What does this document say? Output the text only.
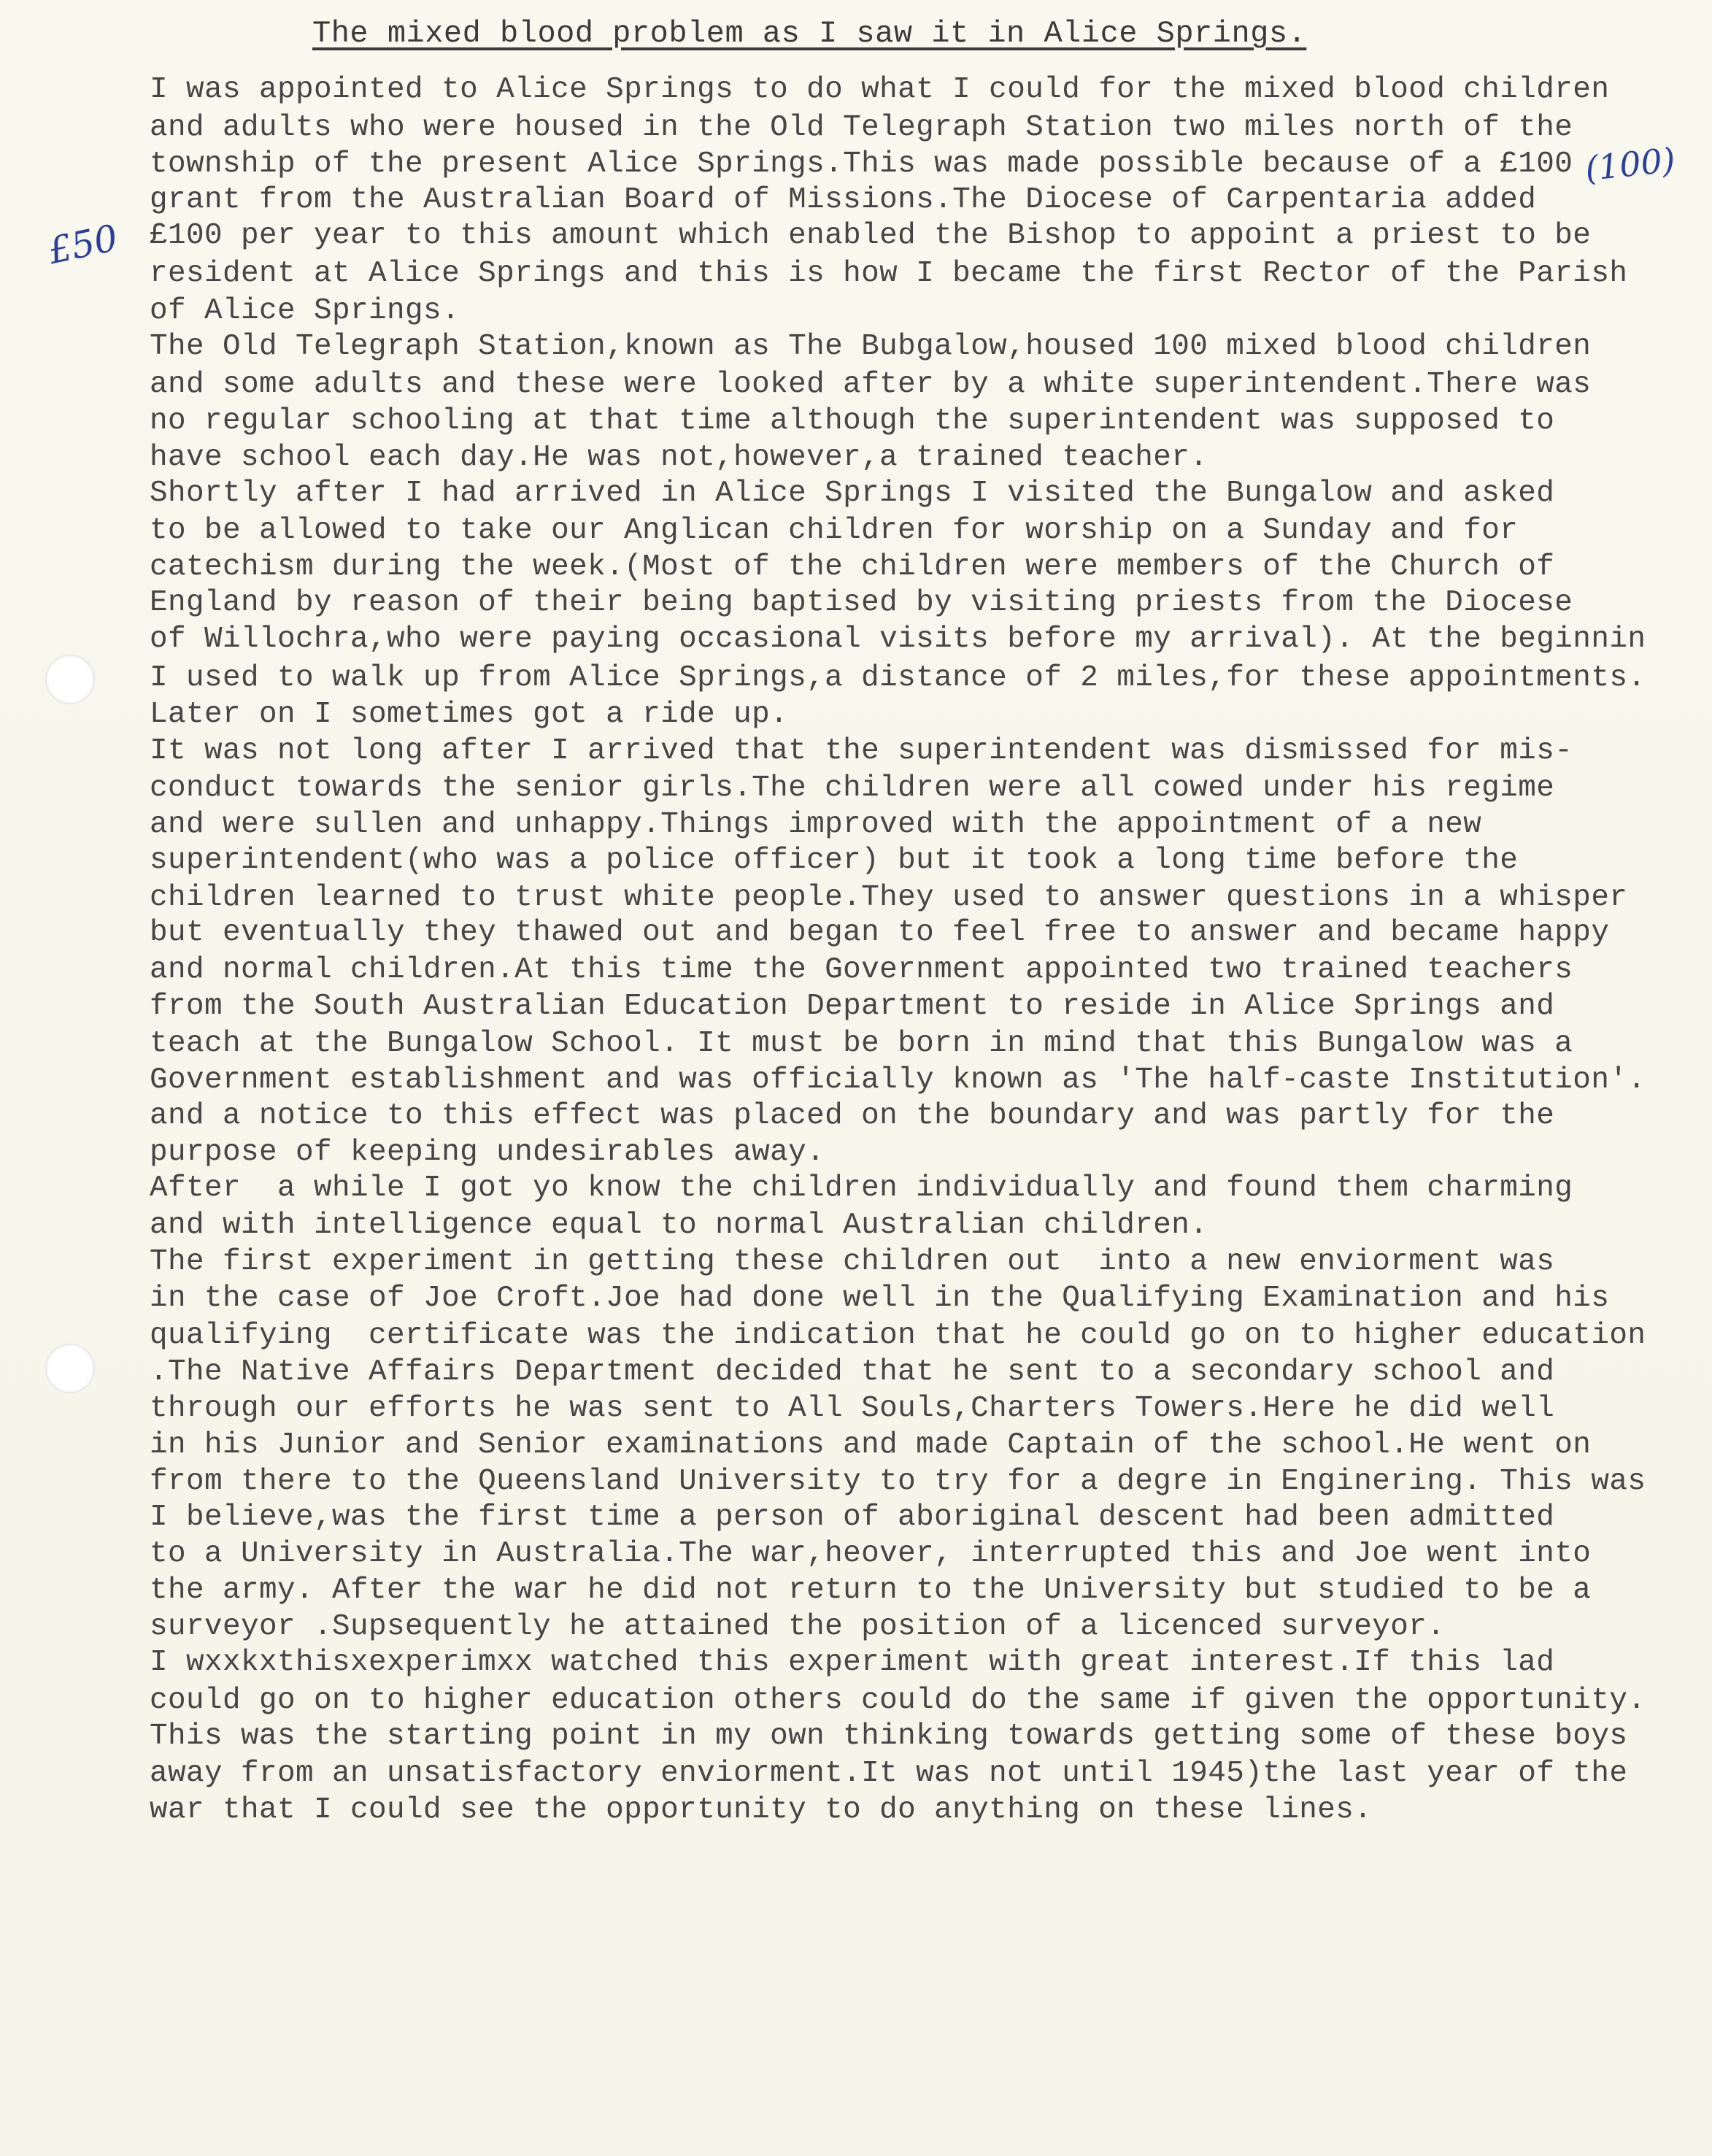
The mixed blood problem as I saw it in Alice Springs.
(100)
£50
I was appointed to Alice Springs to do what I could for the mixed blood children
and adults who were housed in the Old Telegraph Station two miles north of the
township of the present Alice Springs.This was made possible because of a £100
grant from the Australian Board of Missions.The Diocese of Carpentaria added
£100 per year to this amount which enabled the Bishop to appoint a priest to be
resident at Alice Springs and this is how I became the first Rector of the Parish
of Alice Springs.
The Old Telegraph Station,known as The Bubgalow,housed 100 mixed blood children
and some adults and these were looked after by a white superintendent.There was
no regular schooling at that time although the superintendent was supposed to
have school each day.He was not,however,a trained teacher.
Shortly after I had arrived in Alice Springs I visited the Bungalow and asked
to be allowed to take our Anglican children for worship on a Sunday and for
catechism during the week.(Most of the children were members of the Church of
England by reason of their being baptised by visiting priests from the Diocese
of Willochra,who were paying occasional visits before my arrival). At the beginnin
I used to walk up from Alice Springs,a distance of 2 miles,for these appointments.
Later on I sometimes got a ride up.
It was not long after I arrived that the superintendent was dismissed for mis-
conduct towards the senior girls.The children were all cowed under his regime
and were sullen and unhappy.Things improved with the appointment of a new
superintendent(who was a police officer) but it took a long time before the
children learned to trust white people.They used to answer questions in a whisper
but eventually they thawed out and began to feel free to answer and became happy
and normal children.At this time the Government appointed two trained teachers
from the South Australian Education Department to reside in Alice Springs and
teach at the Bungalow School. It must be born in mind that this Bungalow was a
Government establishment and was officially known as 'The half-caste Institution'.
and a notice to this effect was placed on the boundary and was partly for the
purpose of keeping undesirables away.
After  a while I got yo know the children individually and found them charming
and with intelligence equal to normal Australian children.
The first experiment in getting these children out  into a new enviorment was
in the case of Joe Croft.Joe had done well in the Qualifying Examination and his
qualifying  certificate was the indication that he could go on to higher education
.The Native Affairs Department decided that he sent to a secondary school and
through our efforts he was sent to All Souls,Charters Towers.Here he did well
in his Junior and Senior examinations and made Captain of the school.He went on
from there to the Queensland University to try for a degre in Enginering. This was
I believe,was the first time a person of aboriginal descent had been admitted
to a University in Australia.The war,heover, interrupted this and Joe went into
the army. After the war he did not return to the University but studied to be a
surveyor .Supsequently he attained the position of a licenced surveyor.
I wxxkxthisxexperimxx watched this experiment with great interest.If this lad
could go on to higher education others could do the same if given the opportunity.
This was the starting point in my own thinking towards getting some of these boys
away from an unsatisfactory enviorment.It was not until 1945)the last year of the
war that I could see the opportunity to do anything on these lines.
